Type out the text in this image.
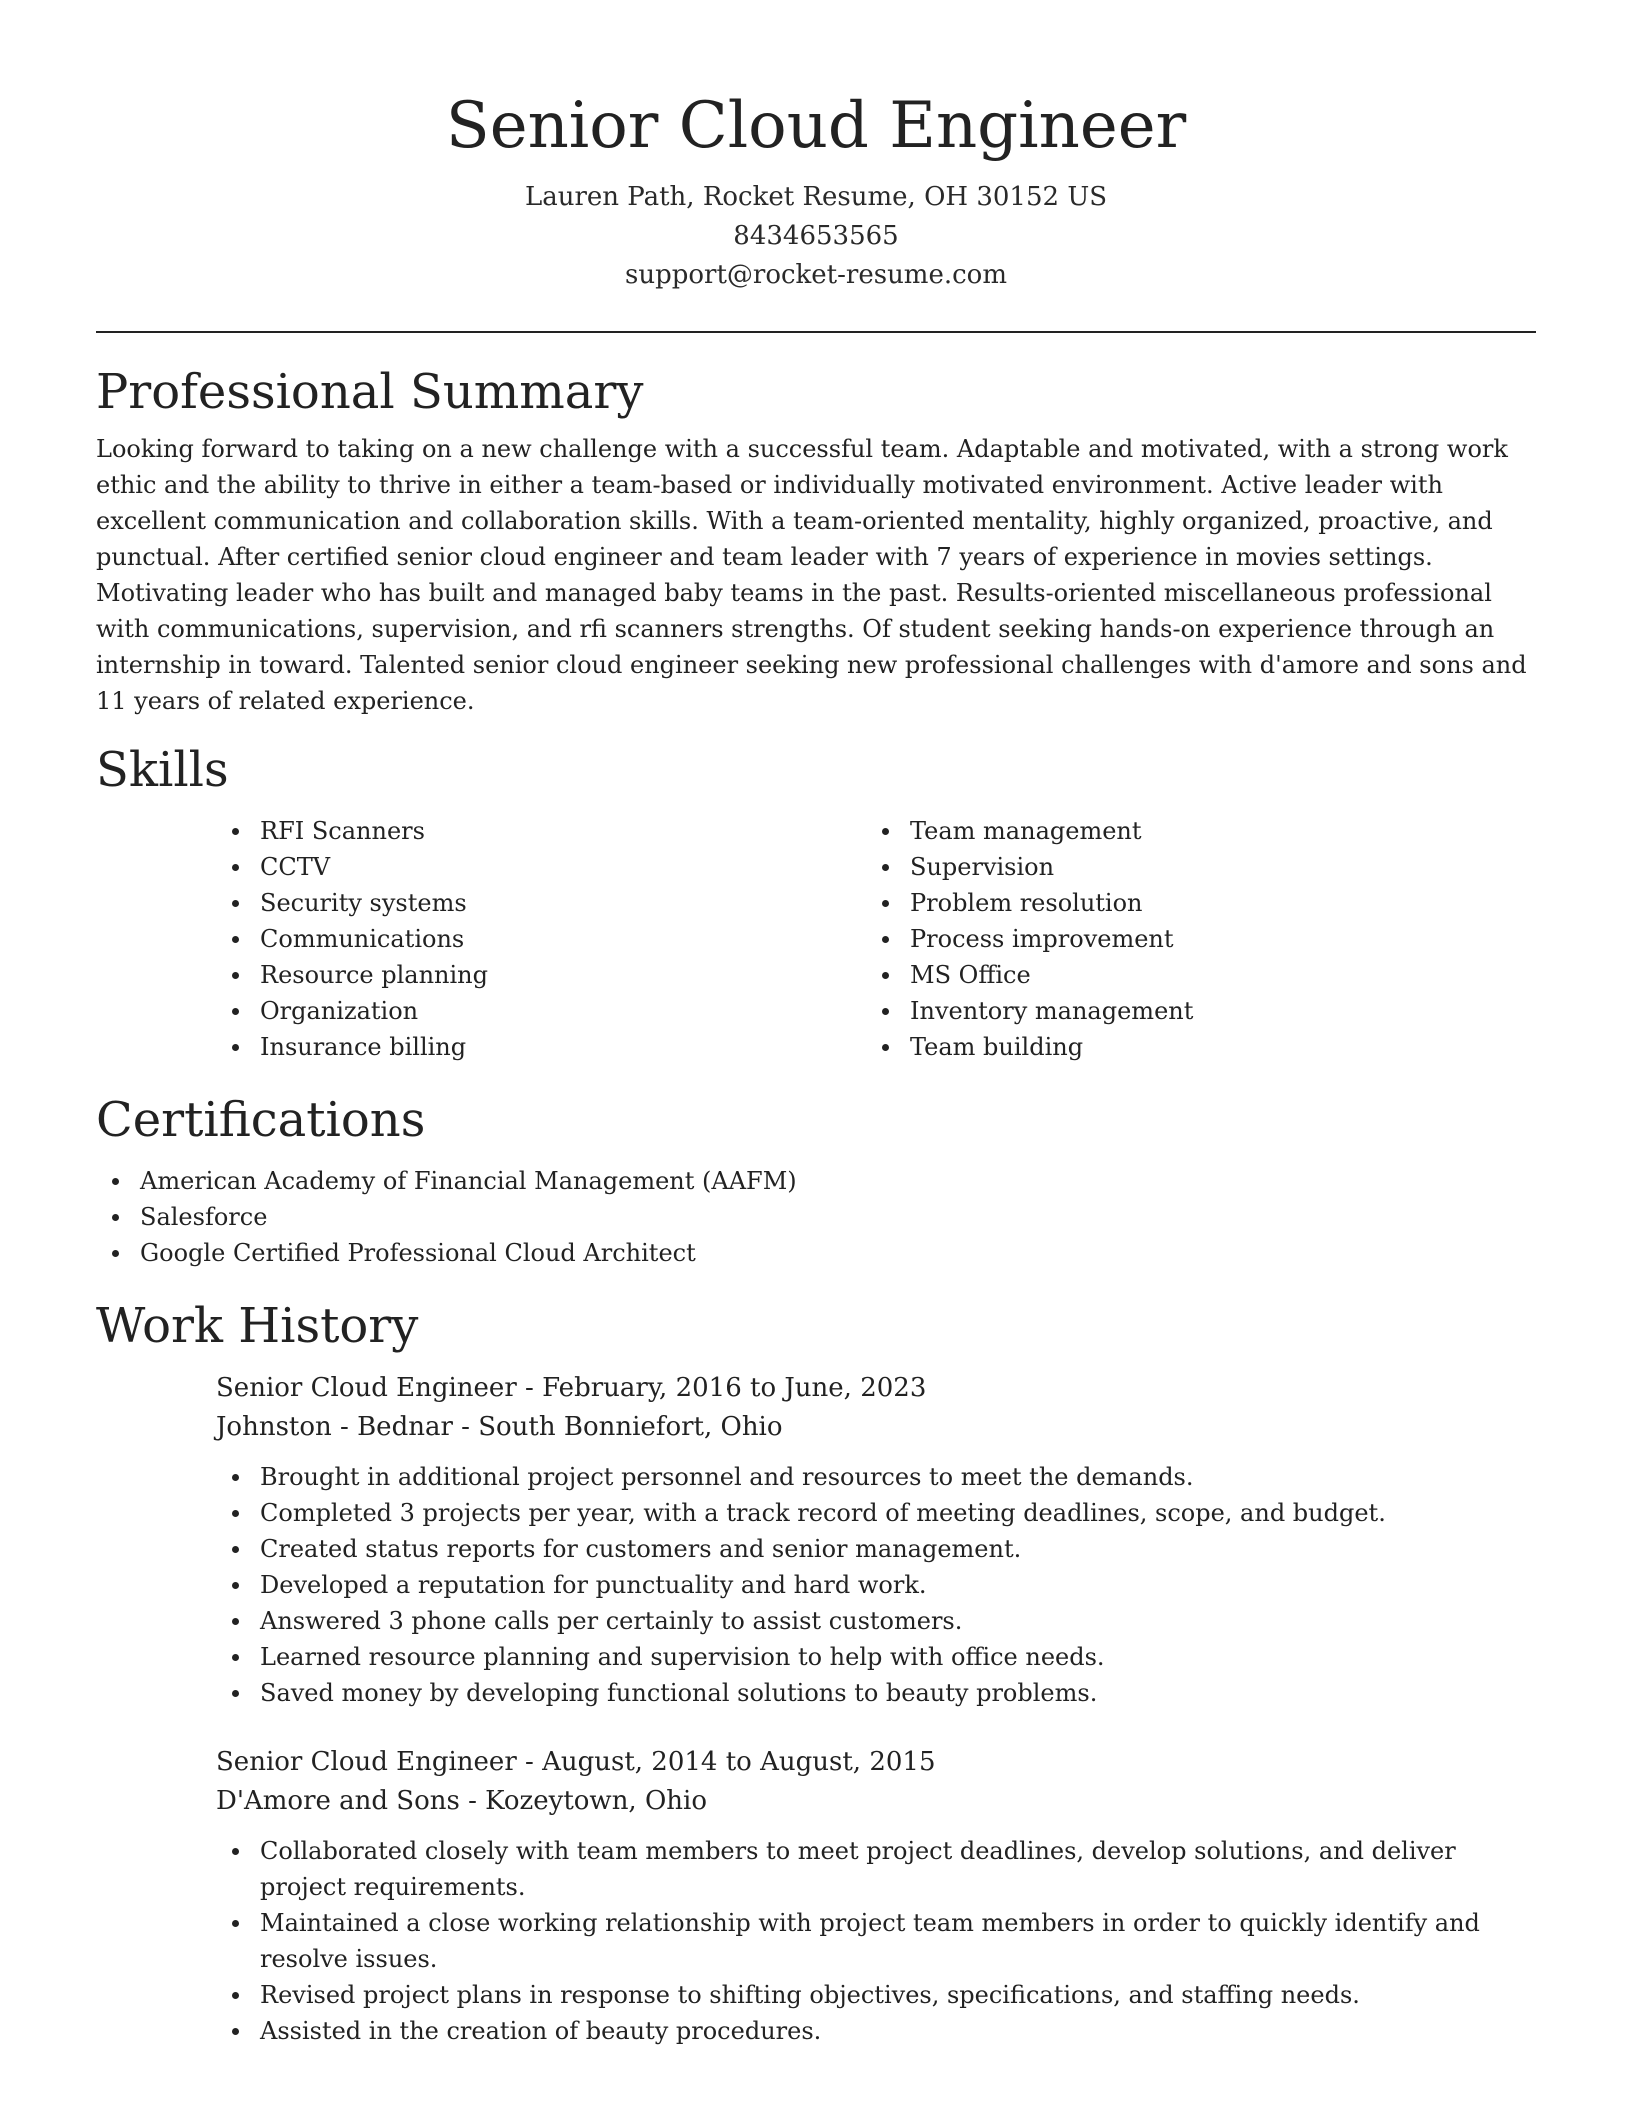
Senior Cloud Engineer
Lauren Path, Rocket Resume, OH 30152 US
8434653565
support@rocket-resume.com
Professional Summary

Looking forward to taking on a new challenge with a successful team. Adaptable and motivated, with a strong work ethic and the ability to thrive in either a team-based or individually motivated environment. Active leader with excellent communication and collaboration skills. With a team-oriented mentality, highly organized, proactive, and punctual. After certified senior cloud engineer and team leader with 7 years of experience in movies settings. Motivating leader who has built and managed baby teams in the past. Results-oriented miscellaneous professional with communications, supervision, and rfi scanners strengths. Of student seeking hands-on experience through an internship in toward. Talented senior cloud engineer seeking new professional challenges with d'amore and sons and 11 years of related experience.

Skills
RFI Scanners
CCTV
Security systems
Communications
Resource planning
Organization
Insurance billing
Team management
Supervision
Problem resolution
Process improvement
MS Office
Inventory management
Team building
Certifications
American Academy of Financial Management (AAFM)
Salesforce
Google Certified Professional Cloud Architect
Work History
Senior Cloud Engineer - February, 2016 to June, 2023
Johnston - Bednar - South Bonniefort, Ohio
Brought in additional project personnel and resources to meet the demands.
Completed 3 projects per year, with a track record of meeting deadlines, scope, and budget.
Created status reports for customers and senior management.
Developed a reputation for punctuality and hard work.
Answered 3 phone calls per certainly to assist customers.
Learned resource planning and supervision to help with office needs.
Saved money by developing functional solutions to beauty problems.
Senior Cloud Engineer - August, 2014 to August, 2015
D'Amore and Sons - Kozeytown, Ohio
Collaborated closely with team members to meet project deadlines, develop solutions, and deliver project requirements.
Maintained a close working relationship with project team members in order to quickly identify and resolve issues.
Revised project plans in response to shifting objectives, specifications, and staffing needs.
Assisted in the creation of beauty procedures.
